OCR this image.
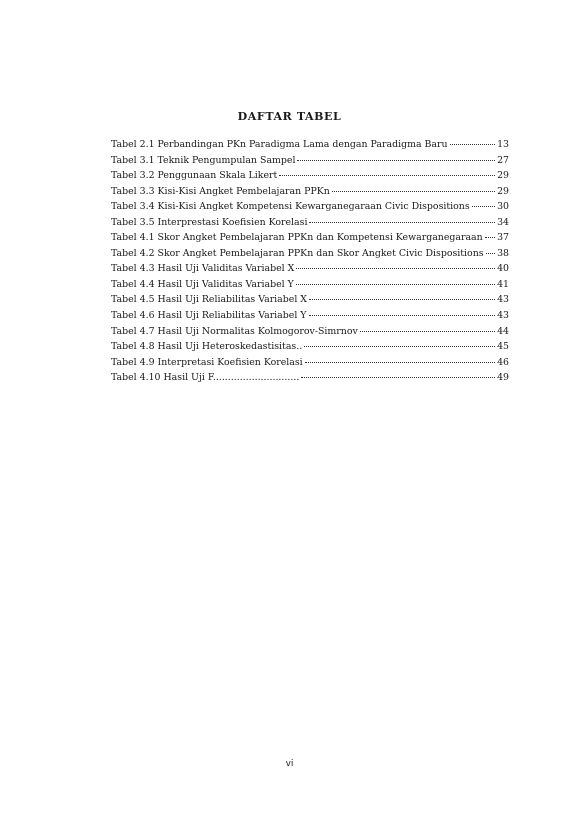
DAFTAR TABEL
Tabel 2.1 Perbandingan PKn Paradigma Lama dengan Paradigma Baru	13
Tabel 3.1 Teknik Pengumpulan Sampel	27
Tabel 3.2 Penggunaan Skala Likert	29
Tabel 3.3 Kisi-Kisi Angket Pembelajaran PPKn	29
Tabel 3.4 Kisi-Kisi Angket Kompetensi Kewarganegaraan Civic Dispositions	30
Tabel 3.5 Interprestasi Koefisien Korelasi	34
Tabel 4.1 Skor Angket Pembelajaran PPKn dan Kompetensi Kewarganegaraan 37
Tabel 4.2 Skor Angket Pembelajaran PPKn dan Skor Angket Civic Dispositions 38
Tabel 4.3 Hasil Uji Validitas Variabel X	40
Tabel 4.4 Hasil Uji Validitas Variabel Y	41
Tabel 4.5 Hasil Uji Reliabilitas Variabel X	43
Tabel 4.6 Hasil Uji Reliabilitas Variabel Y	43
Tabel 4.7 Hasil Uji Normalitas Kolmogorov-Simrnov	44
Tabel 4.8 Hasil Uji Heteroskedastisitas..	45
Tabel 4.9 Interpretasi Koefisien Korelasi	46
Tabel 4.10 Hasil Uji F.............................	49
vi
